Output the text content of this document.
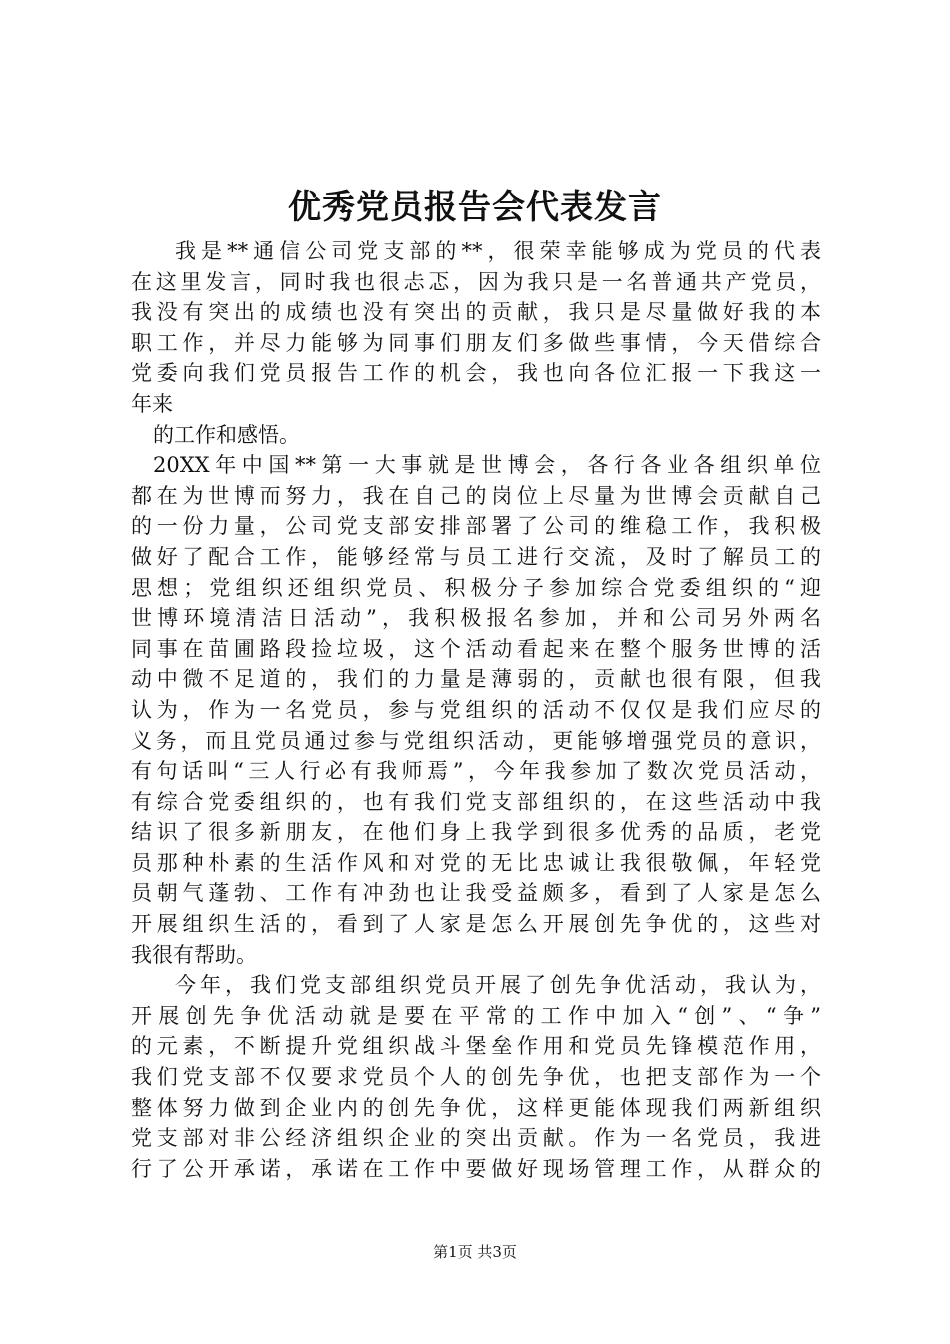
优秀党员报告会代表发言
我是**通信公司党支部的**，很荣幸能够成为党员的代表
在这里发言，同时我也很忐忑，因为我只是一名普通共产党员，
我没有突出的成绩也没有突出的贡献，我只是尽量做好我的本
职工作，并尽力能够为同事们朋友们多做些事情，今天借综合
党委向我们党员报告工作的机会，我也向各位汇报一下我这一
年来
的工作和感悟。
20XX年中国**第一大事就是世博会，各行各业各组织单位
都在为世博而努力，我在自己的岗位上尽量为世博会贡献自己
的一份力量，公司党支部安排部署了公司的维稳工作，我积极
做好了配合工作，能够经常与员工进行交流，及时了解员工的
思想；党组织还组织党员、积极分子参加综合党委组织的“迎
世博环境清洁日活动”，我积极报名参加，并和公司另外两名
同事在苗圃路段捡垃圾，这个活动看起来在整个服务世博的活
动中微不足道的，我们的力量是薄弱的，贡献也很有限，但我
认为，作为一名党员，参与党组织的活动不仅仅是我们应尽的
义务，而且党员通过参与党组织活动，更能够增强党员的意识，
有句话叫“三人行必有我师焉”，今年我参加了数次党员活动，
有综合党委组织的，也有我们党支部组织的，在这些活动中我
结识了很多新朋友，在他们身上我学到很多优秀的品质，老党
员那种朴素的生活作风和对党的无比忠诚让我很敬佩，年轻党
员朝气蓬勃、工作有冲劲也让我受益颇多，看到了人家是怎么
开展组织生活的，看到了人家是怎么开展创先争优的，这些对
我很有帮助。
今年，我们党支部组织党员开展了创先争优活动，我认为，
开展创先争优活动就是要在平常的工作中加入“创”、“争”
的元素，不断提升党组织战斗堡垒作用和党员先锋模范作用，
我们党支部不仅要求党员个人的创先争优，也把支部作为一个
整体努力做到企业内的创先争优，这样更能体现我们两新组织
党支部对非公经济组织企业的突出贡献。作为一名党员，我进
行了公开承诺，承诺在工作中要做好现场管理工作，从群众的
第1页 共3页
